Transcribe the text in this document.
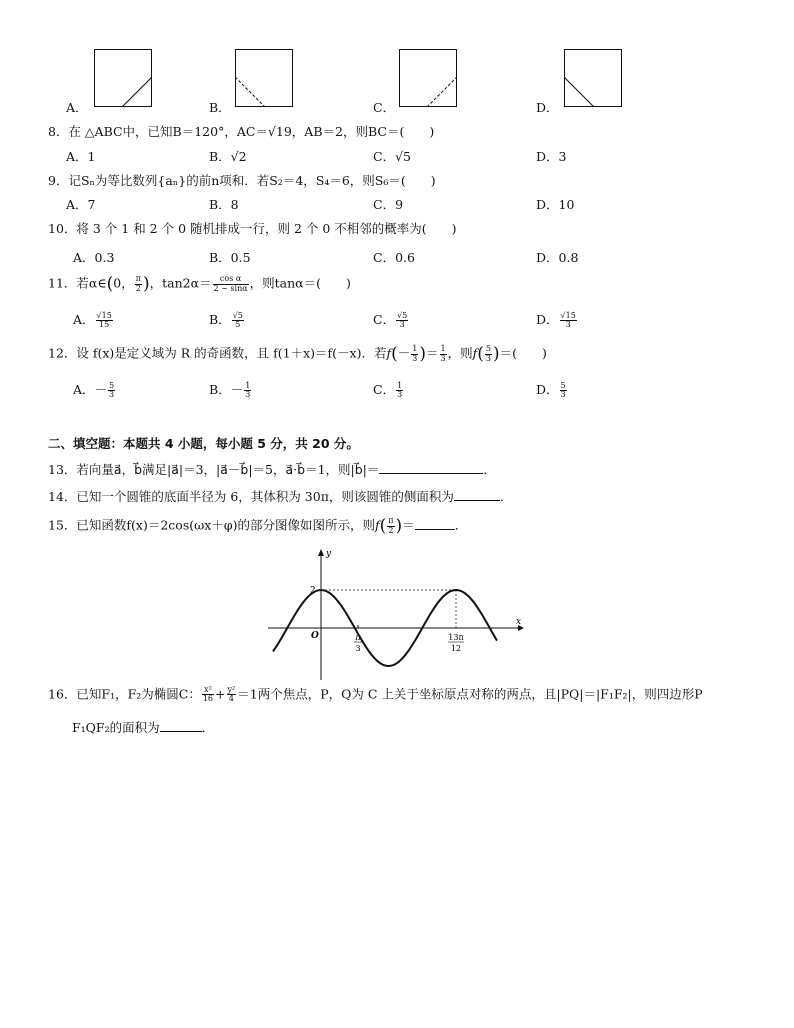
A．	B．	C．	D．
8．在 △ABC中，已知B＝120°，AC＝√19，AB＝2，则BC＝(　　)
A．1	B．√2	C．√5	D．3
9．记Sₙ为等比数列{aₙ}的前n项和．若S₂＝4，S₄＝6，则S₆＝(　　)
A．7	B．8	C．9	D．10
10．将 3 个 1 和 2 个 0 随机排成一行，则 2 个 0 不相邻的概率为(　　)
A．0.3	B．0.5	C．0.6	D．0.8
11．若α∈(0， $\frac{\pi}{2}$ )，$\tan 2\alpha= \frac{\text{cos α}}{2 - \sin\alpha}$ ，则tanα＝(　　)
A． $\frac{√15}{15}$	B． $\frac{√5}{5}$	C． $\frac{√5}{3}$	D． $\frac{√15}{3}$
12．设 f(x)是定义域为 R 的奇函数，且 f(1＋x)＝f(－x)．若$f(- \frac{1}{3}$ )＝ $\frac{1}{3}$ ，则$f( \frac{5}{3}$ )＝(　　)
A．－ $\frac{5}{3}$	B．－ $\frac{1}{3}$	C． $\frac{1}{3}$	D． $\frac{5}{3}$
二、填空题：本题共 4 小题，每小题 5 分，共 20 分。
13．若向量a⃗，b⃗满足|a⃗|＝3，|a⃗－b⃗|＝5，a⃗·b⃗＝1，则|b⃗|＝	．
14．已知一个圆锥的底面半径为 6，其体积为 30π，则该圆锥的侧面积为	．
15．已知函数f(x)＝2cos(ωx＋φ)的部分图像如图所示，则$f( \frac{\pi}{2}$ )＝	．
y
x
O
2
π
3
13π
12
16．已知F₁，F₂为椭圆C： $\frac{\text{x²}}{16} + \frac{\text{y²}}{4} =1$两个焦点，P，Q为 C 上关于坐标原点对称的两点，且|PQ|＝|F₁F₂|，则四边形P
F₁QF₂的面积为	．
